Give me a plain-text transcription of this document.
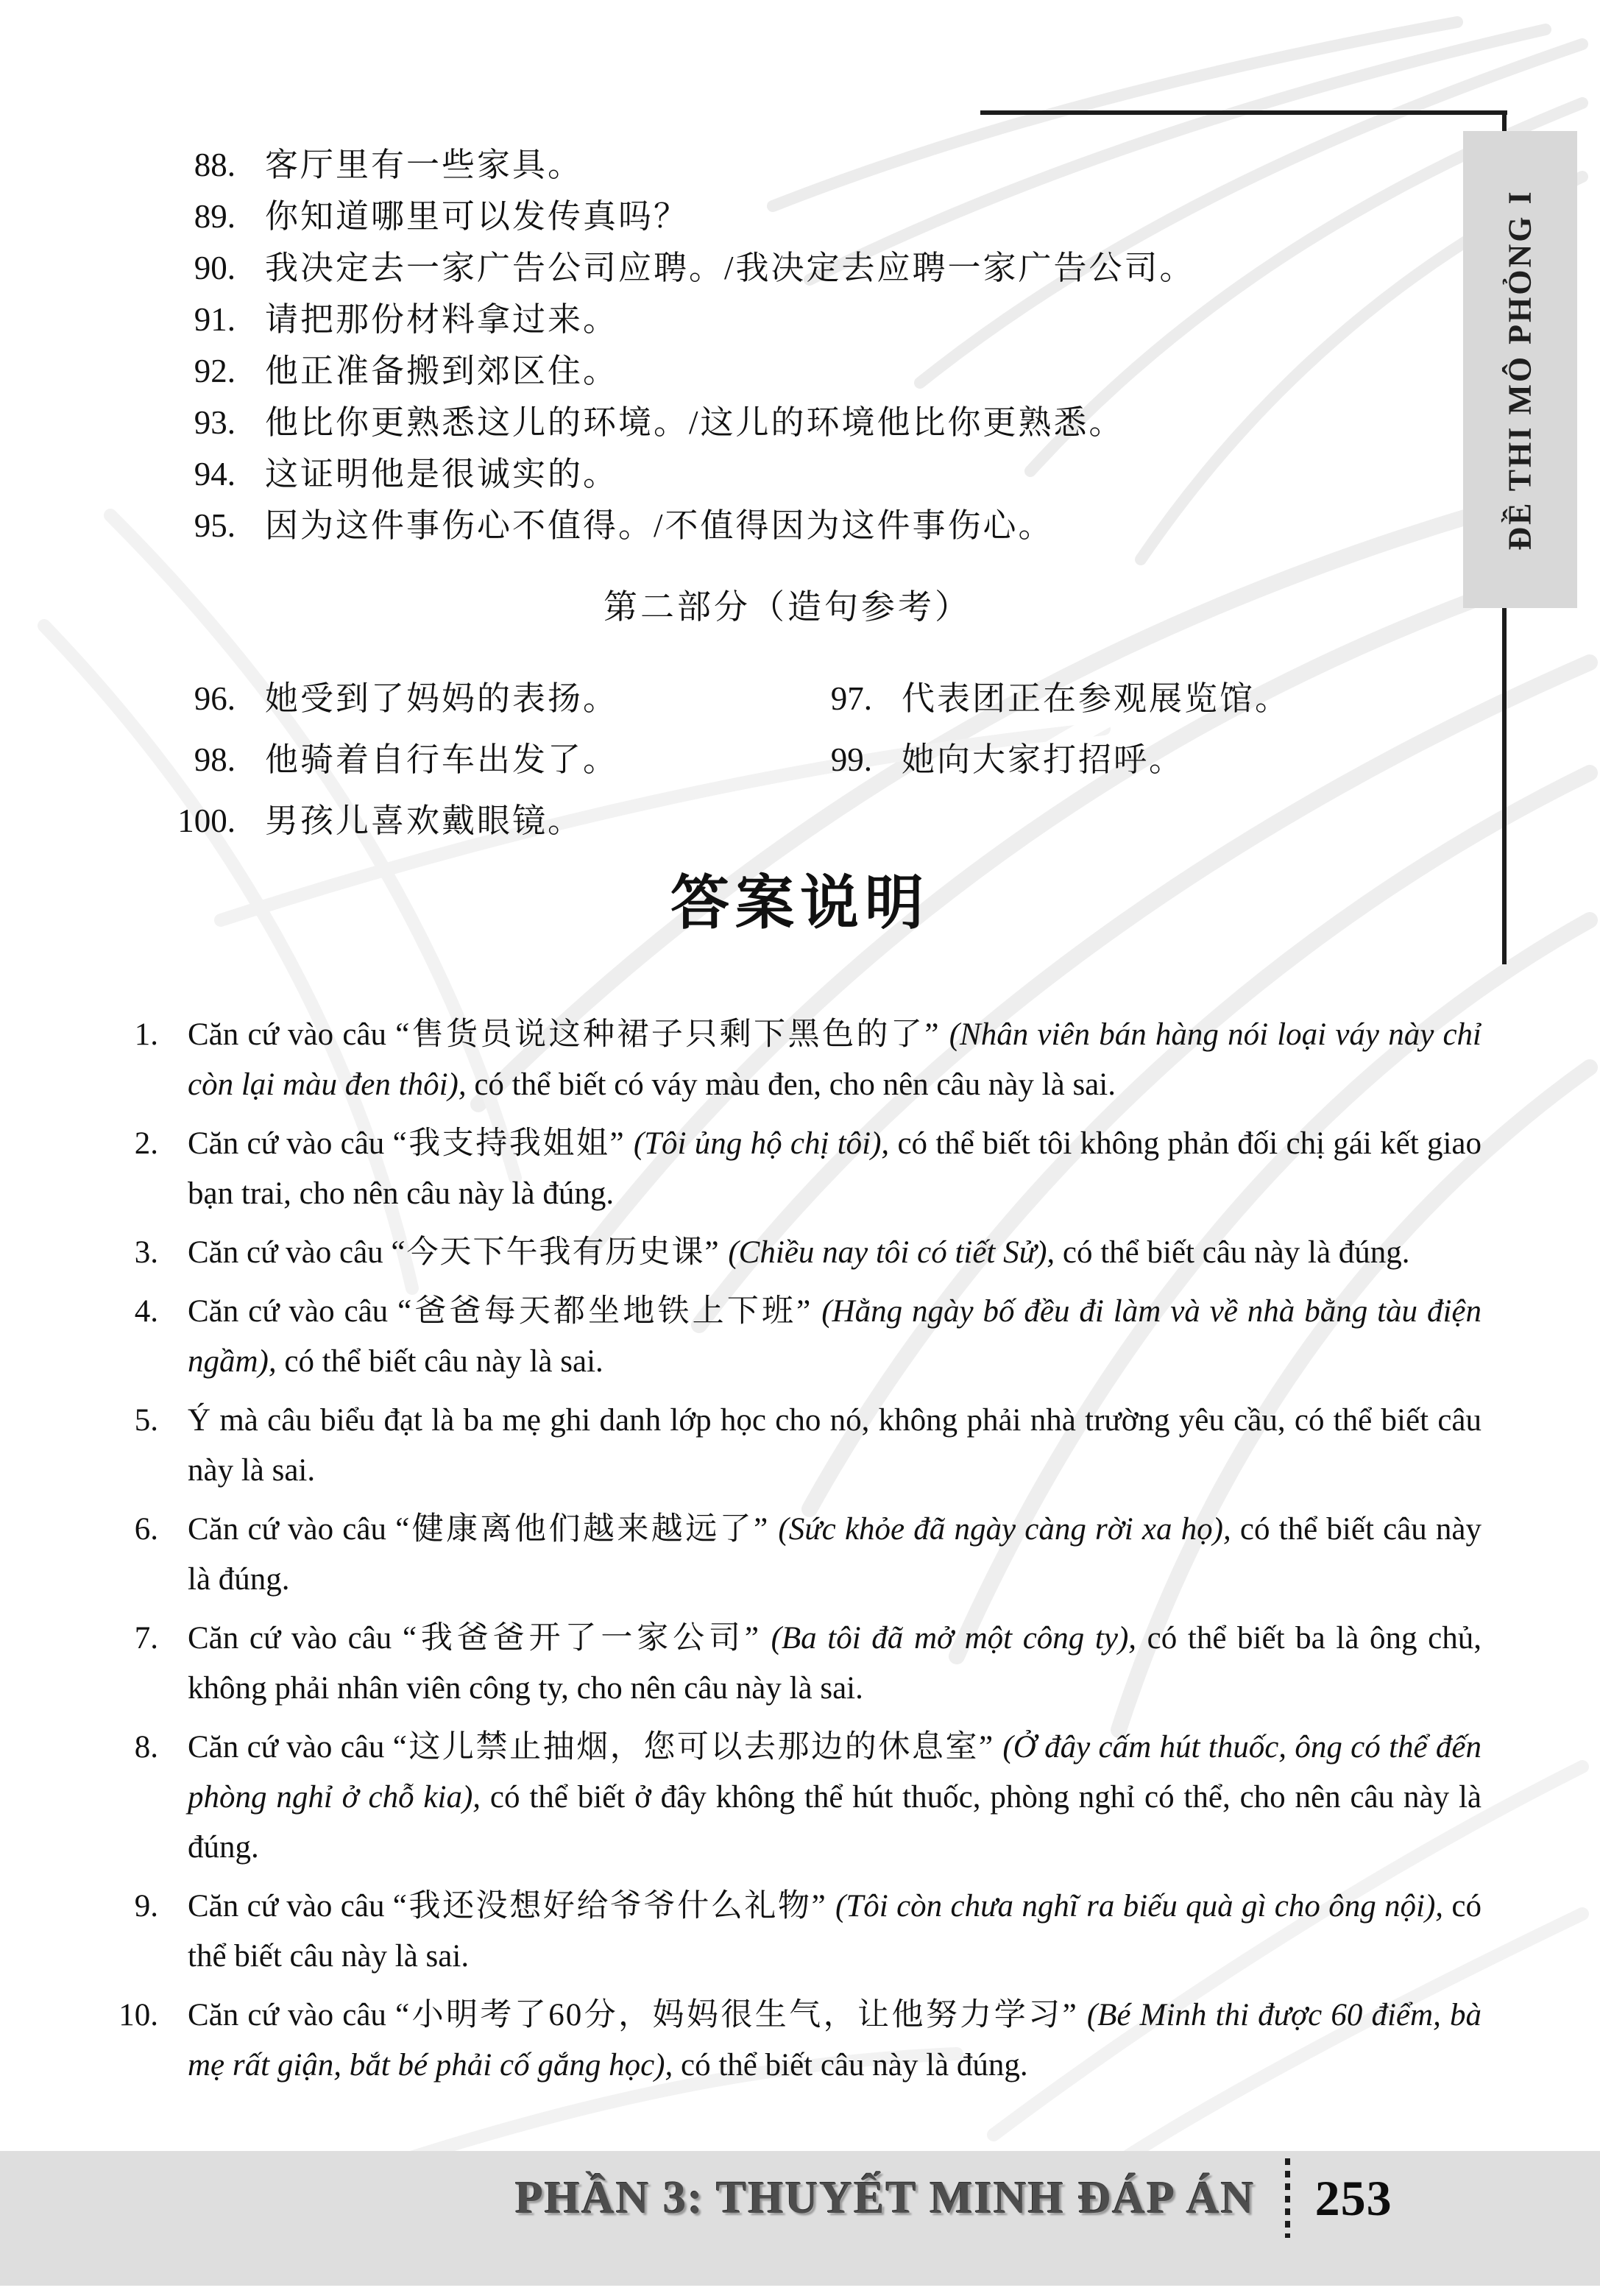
ĐỀ THI MÔ PHỎNG I
88. 客厅里有一些家具。
89. 你知道哪里可以发传真吗？
90. 我决定去一家广告公司应聘。/我决定去应聘一家广告公司。
91. 请把那份材料拿过来。
92. 他正准备搬到郊区住。
93. 他比你更熟悉这儿的环境。/这儿的环境他比你更熟悉。
94. 这证明他是很诚实的。
95. 因为这件事伤心不值得。/不值得因为这件事伤心。
第二部分（造句参考）
96. 她受到了妈妈的表扬。	97. 代表团正在参观展览馆。
98. 他骑着自行车出发了。	99. 她向大家打招呼。
100. 男孩儿喜欢戴眼镜。
答案说明
1. Căn cứ vào câu “售货员说这种裙子只剩下黑色的了” (Nhân viên bán hàng nói loại váy này chỉ còn lại màu đen thôi), có thể biết có váy màu đen, cho nên câu này là sai.
2. Căn cứ vào câu “我支持我姐姐” (Tôi ủng hộ chị tôi), có thể biết tôi không phản đối chị gái kết giao bạn trai, cho nên câu này là đúng.
3. Căn cứ vào câu “今天下午我有历史课” (Chiều nay tôi có tiết Sử), có thể biết câu này là đúng.
4. Căn cứ vào câu “爸爸每天都坐地铁上下班” (Hằng ngày bố đều đi làm và về nhà bằng tàu điện ngầm), có thể biết câu này là sai.
5. Ý mà câu biểu đạt là ba mẹ ghi danh lớp học cho nó, không phải nhà trường yêu cầu, có thể biết câu này là sai.
6. Căn cứ vào câu “健康离他们越来越远了” (Sức khỏe đã ngày càng rời xa họ), có thể biết câu này là đúng.
7. Căn cứ vào câu “我爸爸开了一家公司” (Ba tôi đã mở một công ty), có thể biết ba là ông chủ, không phải nhân viên công ty, cho nên câu này là sai.
8. Căn cứ vào câu “这儿禁止抽烟，您可以去那边的休息室” (Ở đây cấm hút thuốc, ông có thể đến phòng nghỉ ở chỗ kia), có thể biết ở đây không thể hút thuốc, phòng nghỉ có thể, cho nên câu này là đúng.
9. Căn cứ vào câu “我还没想好给爷爷什么礼物” (Tôi còn chưa nghĩ ra biếu quà gì cho ông nội), có thể biết câu này là sai.
10. Căn cứ vào câu “小明考了60分，妈妈很生气，让他努力学习” (Bé Minh thi được 60 điểm, bà mẹ rất giận, bắt bé phải cố gắng học), có thể biết câu này là đúng.
PHẦN 3: THUYẾT MINH ĐÁP ÁN 253
